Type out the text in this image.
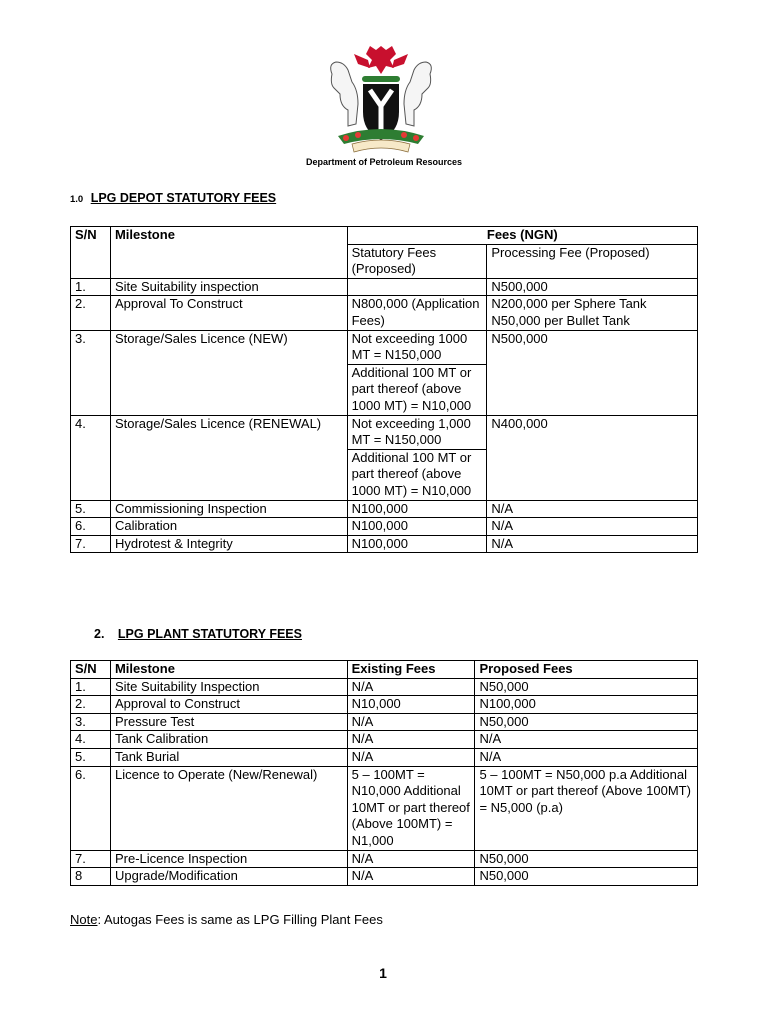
Department of Petroleum Resources
1.0 LPG DEPOT STATUTORY FEES
S/N	Milestone	Fees (NGN)	
		Statutory Fees (Proposed)	Processing Fee (Proposed)
1.	Site Suitability inspection		N500,000
2.	Approval To Construct	N800,000 (Application Fees)	N200,000 per Sphere Tank
N50,000 per Bullet Tank

3.	Storage/Sales Licence (NEW)	Not exceeding 1000 MT = N150,000	N500,000
		Additional 100 MT or part thereof (above 1000 MT) = N10,000	
4.	Storage/Sales Licence (RENEWAL)	Not exceeding 1,000 MT = N150,000	N400,000
		Additional 100 MT or part thereof (above 1000 MT) = N10,000	
5.	Commissioning Inspection	N100,000	N/A
6.	Calibration	N100,000	N/A
7.	Hydrotest & Integrity	N100,000	N/A
2. LPG PLANT STATUTORY FEES
S/N	Milestone	Existing Fees	Proposed Fees
1.	Site Suitability Inspection	N/A	N50,000
2.	Approval to Construct	N10,000	N100,000
3.	Pressure Test	N/A	N50,000
4.	Tank Calibration	N/A	N/A
5.	Tank Burial	N/A	N/A
6.	Licence to Operate (New/Renewal)	5 – 100MT = N10,000 Additional 10MT or part thereof (Above 100MT) = N1,000	5 – 100MT = N50,000 p.a Additional 10MT or part thereof (Above 100MT) = N5,000 (p.a)
7.	Pre-Licence Inspection	N/A	N50,000
8	Upgrade/Modification	N/A	N50,000
Note: Autogas Fees is same as LPG Filling Plant Fees
1
